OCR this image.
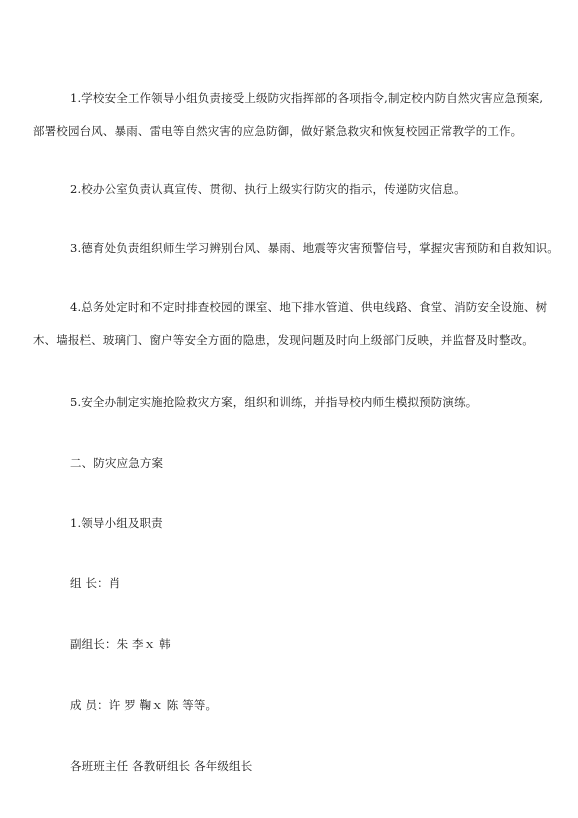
1.学校安全工作领导小组负责接受上级防灾指挥部的各项指令,制定校内防自然灾害应急预案,
部署校园台风、暴雨、雷电等自然灾害的应急防御，做好紧急救灾和恢复校园正常教学的工作。
2.校办公室负责认真宣传、贯彻、执行上级实行防灾的指示，传递防灾信息。
3.德育处负责组织师生学习辨别台风、暴雨、地震等灾害预警信号，掌握灾害预防和自救知识。
4.总务处定时和不定时排查校园的课室、地下排水管道、供电线路、食堂、消防安全设施、树
木、墙报栏、玻璃门、窗户等安全方面的隐患，发现问题及时向上级部门反映，并监督及时整改。
5.安全办制定实施抢险救灾方案，组织和训练，并指导校内师生模拟预防演练。
二、防灾应急方案
1.领导小组及职责
组 长：肖
副组长：朱 李ｘ 韩
成 员：许 罗 鞠ｘ 陈 等等。
各班班主任 各教研组长 各年级组长
